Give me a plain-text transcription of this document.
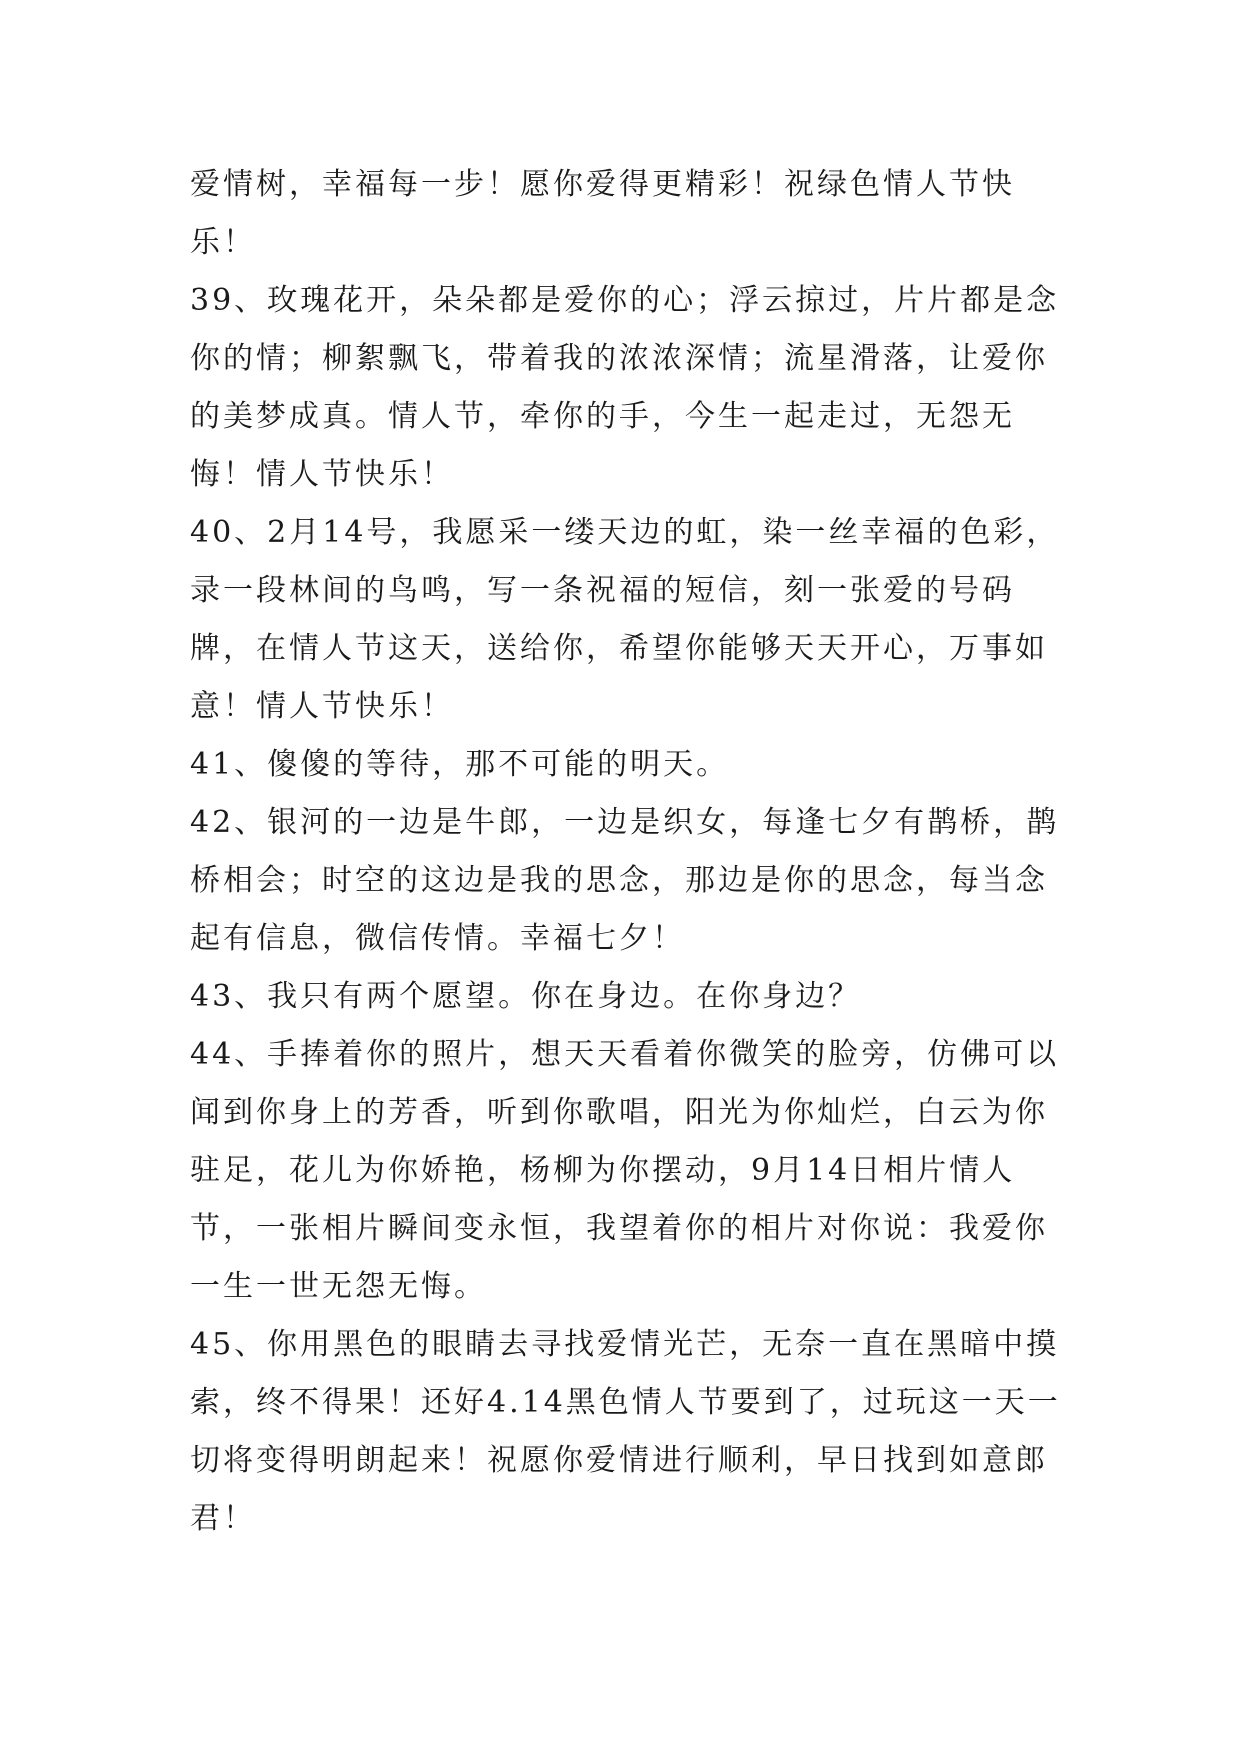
爱情树，幸福每一步！愿你爱得更精彩！祝绿色情人节快乐！

39、玫瑰花开，朵朵都是爱你的心；浮云掠过，片片都是念你的情；柳絮飘飞，带着我的浓浓深情；流星滑落，让爱你的美梦成真。情人节，牵你的手，今生一起走过，无怨无悔！情人节快乐！

40、2月14号，我愿采一缕天边的虹，染一丝幸福的色彩，录一段林间的鸟鸣，写一条祝福的短信，刻一张爱的号码牌，在情人节这天，送给你，希望你能够天天开心，万事如意！情人节快乐！

41、傻傻的等待，那不可能的明天。

42、银河的一边是牛郎，一边是织女，每逢七夕有鹊桥，鹊桥相会；时空的这边是我的思念，那边是你的思念，每当念起有信息，微信传情。幸福七夕！

43、我只有两个愿望。你在身边。在你身边？

44、手捧着你的照片，想天天看着你微笑的脸旁，仿佛可以闻到你身上的芳香，听到你歌唱，阳光为你灿烂，白云为你驻足，花儿为你娇艳，杨柳为你摆动，9月14日相片情人节，一张相片瞬间变永恒，我望着你的相片对你说：我爱你一生一世无怨无悔。

45、你用黑色的眼睛去寻找爱情光芒，无奈一直在黑暗中摸索，终不得果！还好4.14黑色情人节要到了，过玩这一天一切将变得明朗起来！祝愿你爱情进行顺利，早日找到如意郎君！
